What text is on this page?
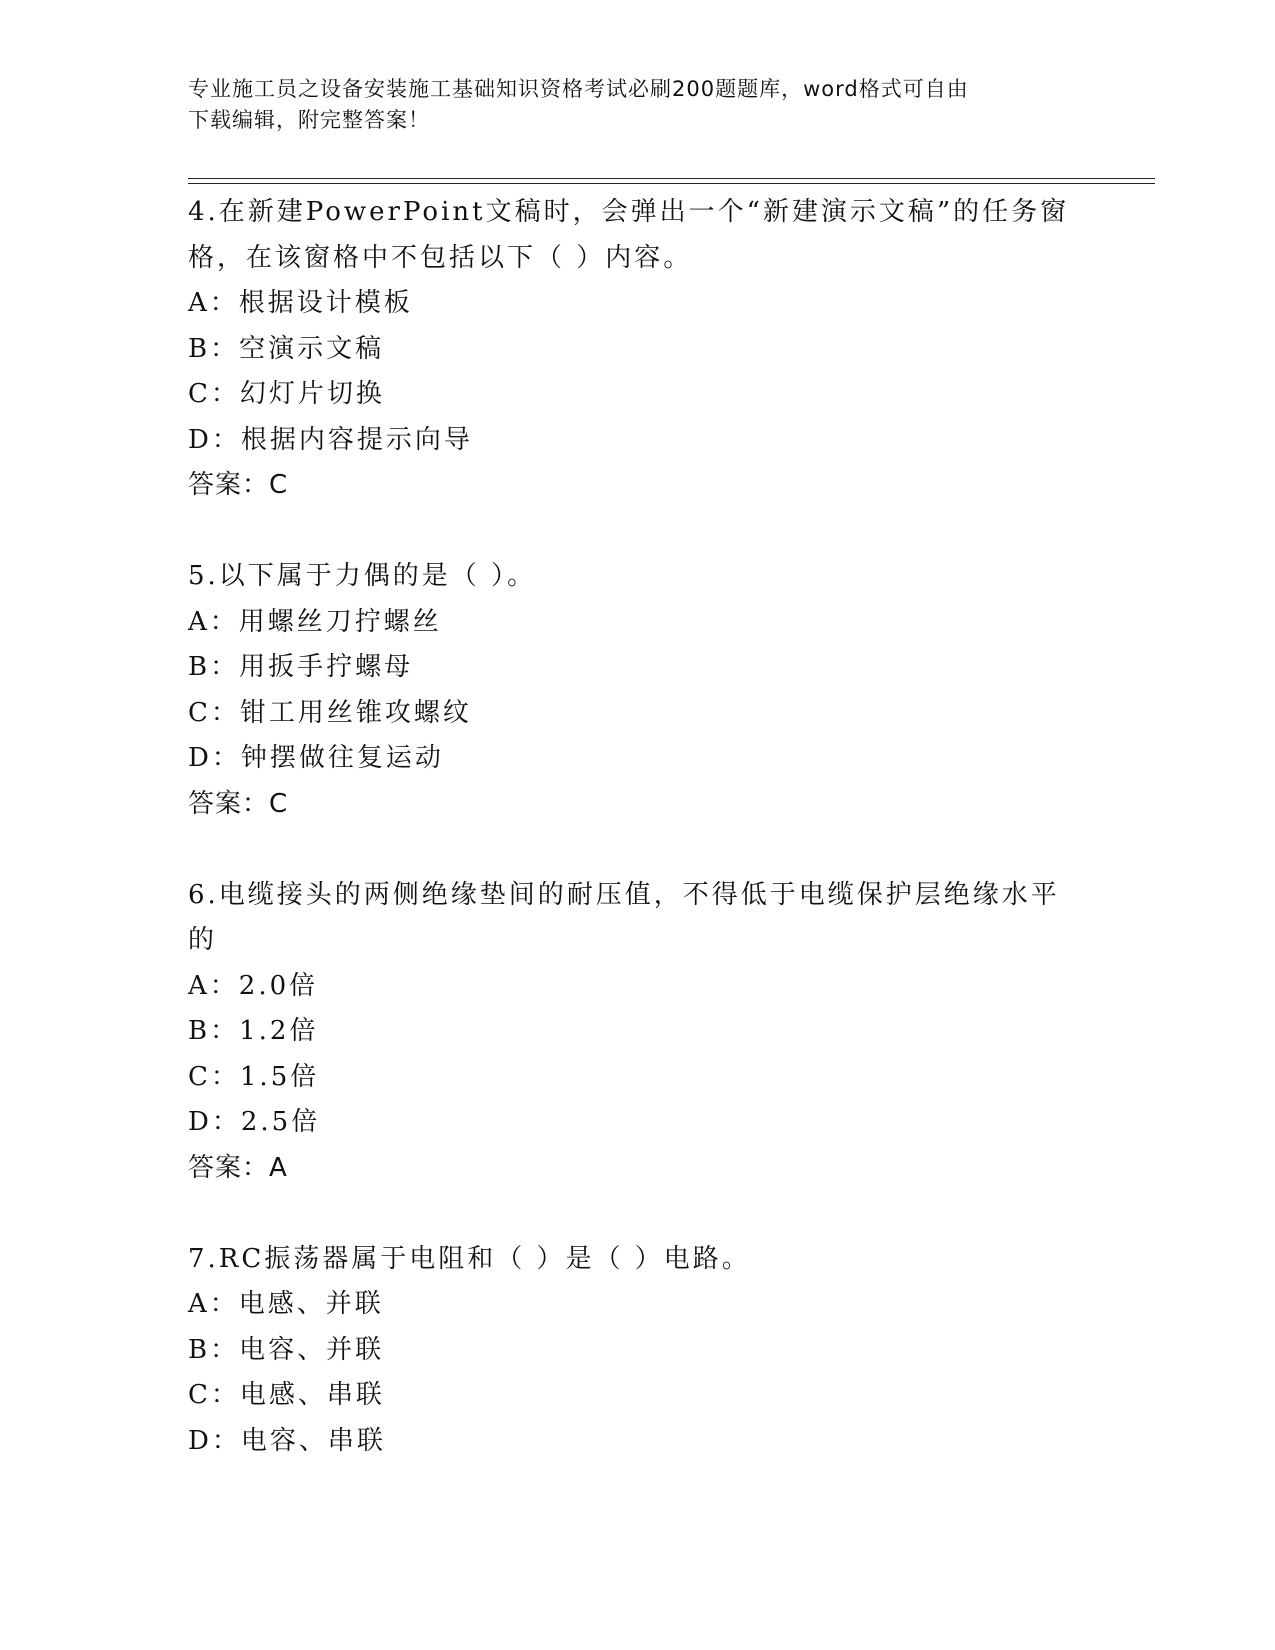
专业施工员之设备安装施工基础知识资格考试必刷200题题库，word格式可自由
下载编辑，附完整答案！

4.在新建PowerPoint文稿时，会弹出一个“新建演示文稿”的任务窗

格，在该窗格中不包括以下（ ）内容。

A：根据设计模板

B：空演示文稿

C：幻灯片切换

D：根据内容提示向导

答案：C

5.以下属于力偶的是（ ）。

A：用螺丝刀拧螺丝

B：用扳手拧螺母

C：钳工用丝锥攻螺纹

D：钟摆做往复运动

答案：C

6.电缆接头的两侧绝缘垫间的耐压值，不得低于电缆保护层绝缘水平

的

A：2.0倍

B：1.2倍

C：1.5倍

D：2.5倍

答案：A

7.RC振荡器属于电阻和（ ）是（ ）电路。

A：电感、并联

B：电容、并联

C：电感、串联

D：电容、串联
